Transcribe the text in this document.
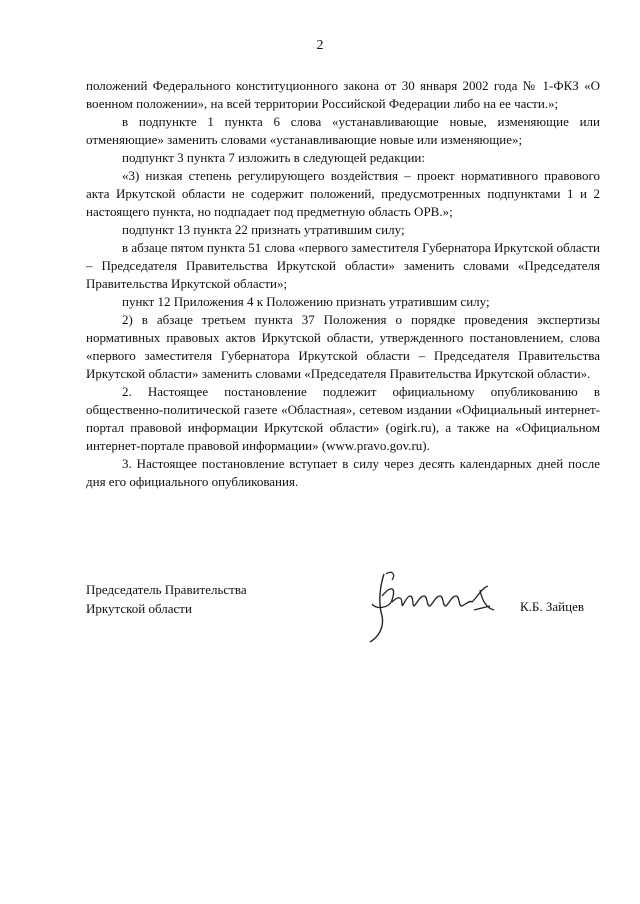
2

положений Федерального конституционного закона от 30 января 2002 года № 1-ФКЗ «О военном положении», на всей территории Российской Федерации либо на ее части.»;

в подпункте 1 пункта 6 слова «устанавливающие новые, изменяющие или отменяющие» заменить словами «устанавливающие новые или изменяющие»;

подпункт 3 пункта 7 изложить в следующей редакции:

«3) низкая степень регулирующего воздействия – проект нормативного правового акта Иркутской области не содержит положений, предусмотренных подпунктами 1 и 2 настоящего пункта, но подпадает под предметную область ОРВ.»;

подпункт 13 пункта 22 признать утратившим силу;

в абзаце пятом пункта 51 слова «первого заместителя Губернатора Иркутской области – Председателя Правительства Иркутской области» заменить словами «Председателя Правительства Иркутской области»;

пункт 12 Приложения 4 к Положению признать утратившим силу;

2) в абзаце третьем пункта 37 Положения о порядке проведения экспертизы нормативных правовых актов Иркутской области, утвержденного постановлением, слова «первого заместителя Губернатора Иркутской области – Председателя Правительства Иркутской области» заменить словами «Председателя Правительства Иркутской области».

2. Настоящее постановление подлежит официальному опубликованию в общественно-политической газете «Областная», сетевом издании «Официальный интернет-портал правовой информации Иркутской области» (ogirk.ru), а также на «Официальном интернет-портале правовой информации» (www.pravo.gov.ru).

3. Настоящее постановление вступает в силу через десять календарных дней после дня его официального опубликования.

Председатель Правительства
Иркутской области	К.Б. Зайцев
